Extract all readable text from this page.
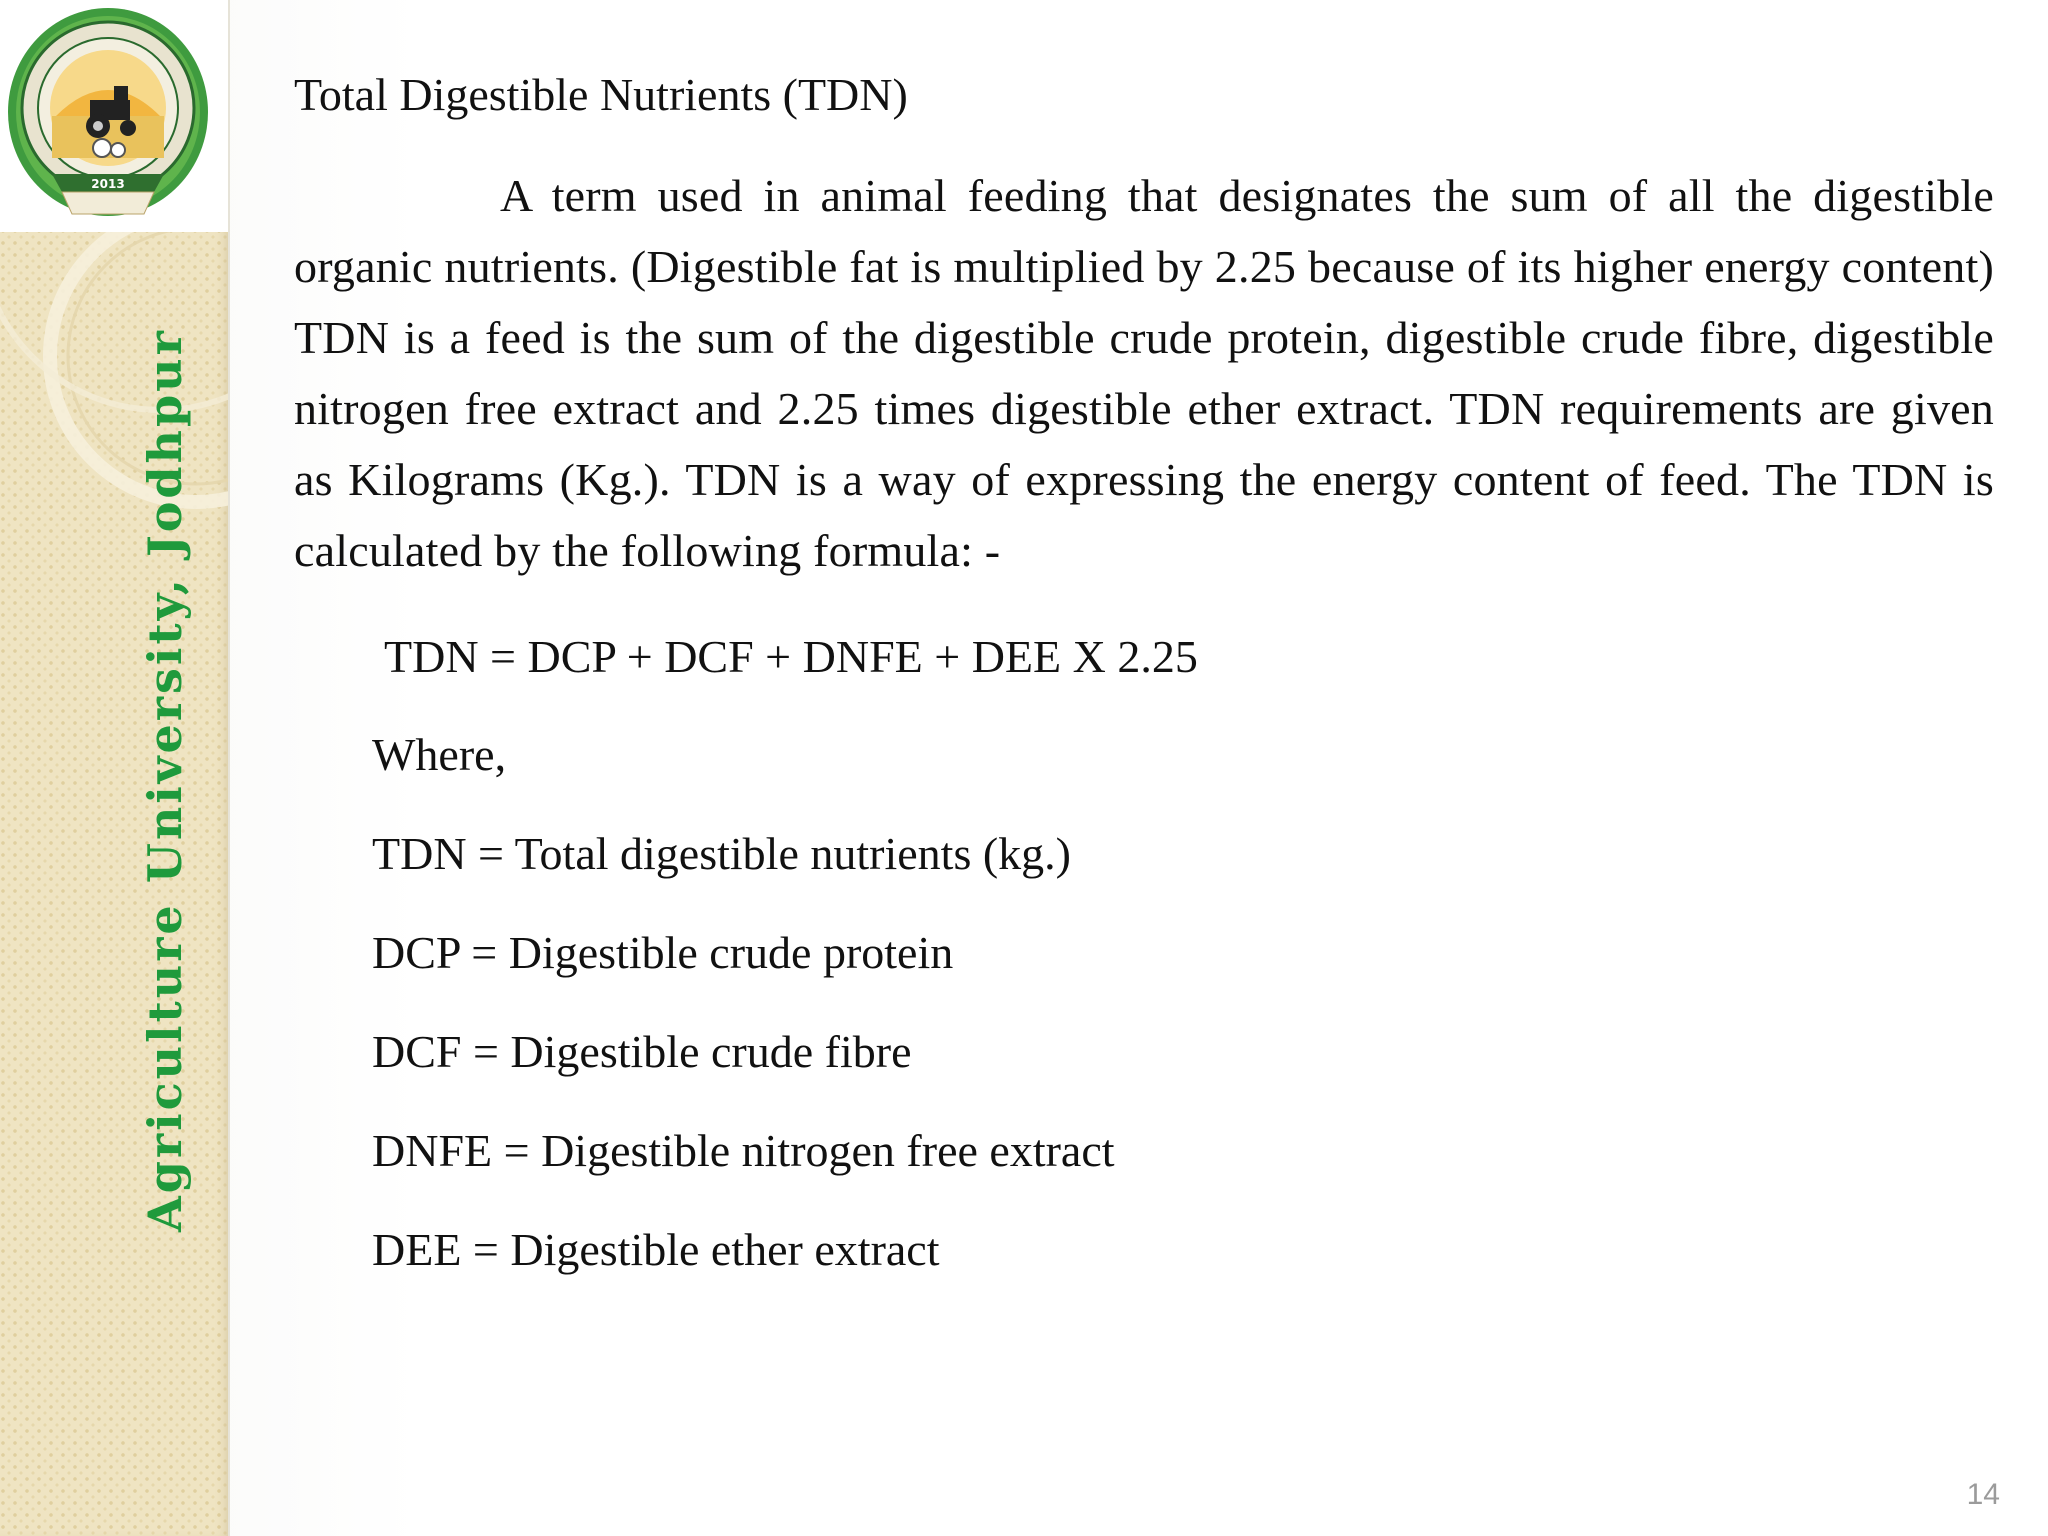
2013
Agriculture University, Jodhpur
Total Digestible Nutrients (TDN)

A term used in animal feeding that designates the sum of all the digestible organic nutrients. (Digestible fat is multiplied by 2.25 because of its higher energy content) TDN is a feed is the sum of the digestible crude protein, digestible crude fibre, digestible nitrogen free extract and 2.25 times digestible ether extract. TDN requirements are given as Kilograms (Kg.). TDN is a way of expressing the energy content of feed. The TDN is calculated by the following formula: -

TDN = DCP + DCF + DNFE + DEE X 2.25
Where,
TDN = Total digestible nutrients (kg.)
DCP = Digestible crude protein
DCF = Digestible crude fibre
DNFE = Digestible nitrogen free extract
DEE = Digestible ether extract
14
